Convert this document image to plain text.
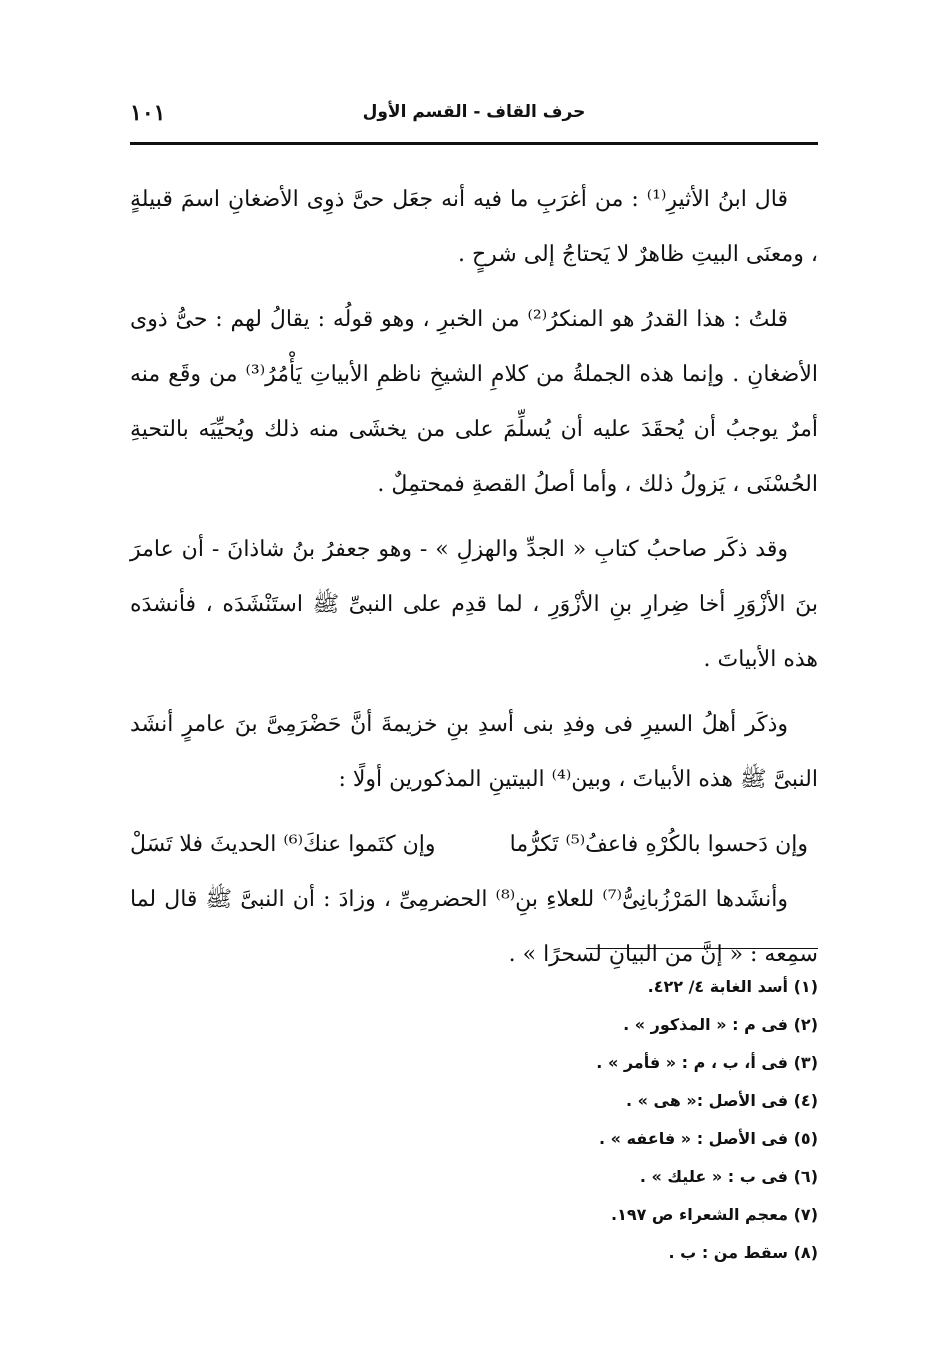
حرف القاف - القسم الأول
١٠١

قال ابنُ الأثيرِ⁽¹⁾ : من أغرَبِ ما فيه أنه جعَل حىَّ ذوِى الأضغانِ اسمَ قبيلةٍ ، ومعنَى البيتِ ظاهرٌ لا يَحتاجُ إلى شرحٍ .

قلتُ : هذا القدرُ هو المنكرُ⁽²⁾ من الخبرِ ، وهو قولُه : يقالُ لهم : حىُّ ذوى الأضغانِ . وإنما هذه الجملةُ من كلامِ الشيخِ ناظمِ الأبياتِ يَأْمُرُ⁽³⁾ من وقَع منه أمرٌ يوجبُ أن يُحقَدَ عليه أن يُسلِّمَ على من يخشَى منه ذلك ويُحيِّيَه بالتحيةِ الحُسْنَى ، يَزولُ ذلك ، وأما أصلُ القصةِ فمحتمِلٌ .

وقد ذكَر صاحبُ كتابِ « الجدِّ والهزلِ » - وهو جعفرُ بنُ شاذانَ - أن عامرَ بنَ الأزْوَرِ أخا ضِرارِ بنِ الأزْوَرِ ، لما قدِم على النبىِّ ﷺ استَنْشَدَه ، فأنشدَه هذه الأبياتَ .

وذكَر أهلُ السيرِ فى وفدِ بنى أسدِ بنِ خزيمةَ أنَّ حَضْرَمِىَّ بنَ عامرٍ أنشَد النبىَّ ﷺ هذه الأبياتَ ، وبين⁽⁴⁾ البيتينِ المذكورين أولًا :

وإن دَحسوا بالكُرْهِ فاعفُ⁽⁵⁾ تَكرُّما
وإن كتَموا عنكَ⁽⁶⁾ الحديثَ فلا تَسَلْ

وأنشَدها المَرْزُبانِىُّ⁽⁷⁾ للعلاءِ بنِ⁽⁸⁾ الحضرمِىِّ ، وزادَ : أن النبىَّ ﷺ قال لما سمِعه : « إنَّ من البيانِ لسحرًا » .

(١) أسد الغابة ٤/ ٤٢٢.
(٢) فى م : « المذكور » .
(٣) فى أ، ب ، م : « فأمر » .
(٤) فى الأصل :« هى » .
(٥) فى الأصل : « فاعفه » .
(٦) فى ب : « عليك » .
(٧) معجم الشعراء ص ١٩٧.
(٨) سقط من : ب .
